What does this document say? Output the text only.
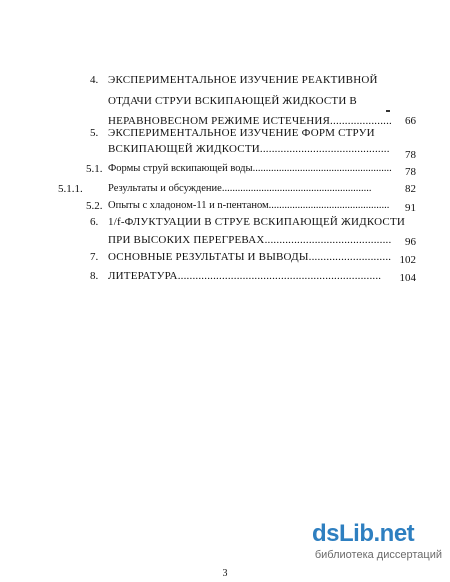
4. ЭКСПЕРИМЕНТАЛЬНОЕ ИЗУЧЕНИЕ РЕАКТИВНОЙ
ОТДАЧИ СТРУИ ВСКИПАЮЩЕЙ ЖИДКОСТИ В
НЕРАВНОВЕСНОМ РЕЖИМЕ ИСТЕЧЕНИЯ.....................	66
5. ЭКСПЕРИМЕНТАЛЬНОЕ ИЗУЧЕНИЕ ФОРМ СТРУИ
ВСКИПАЮЩЕЙ ЖИДКОСТИ............................................	78
5.1. Формы струй вскипающей воды.....................................................	78
5.1.1. Результаты и обсуждение.........................................................	82
5.2. Опыты с хладоном-11 и n-пентаном..............................................	91
6. 1/f-ФЛУКТУАЦИИ В СТРУЕ ВСКИПАЮЩЕЙ ЖИДКОСТИ
ПРИ ВЫСОКИХ ПЕРЕГРЕВАХ...........................................	96
7. ОСНОВНЫЕ РЕЗУЛЬТАТЫ И ВЫВОДЫ............................ 102
8. ЛИТЕРАТУРА.....................................................................	104
dsLib.net
библиотека диссертаций
3
